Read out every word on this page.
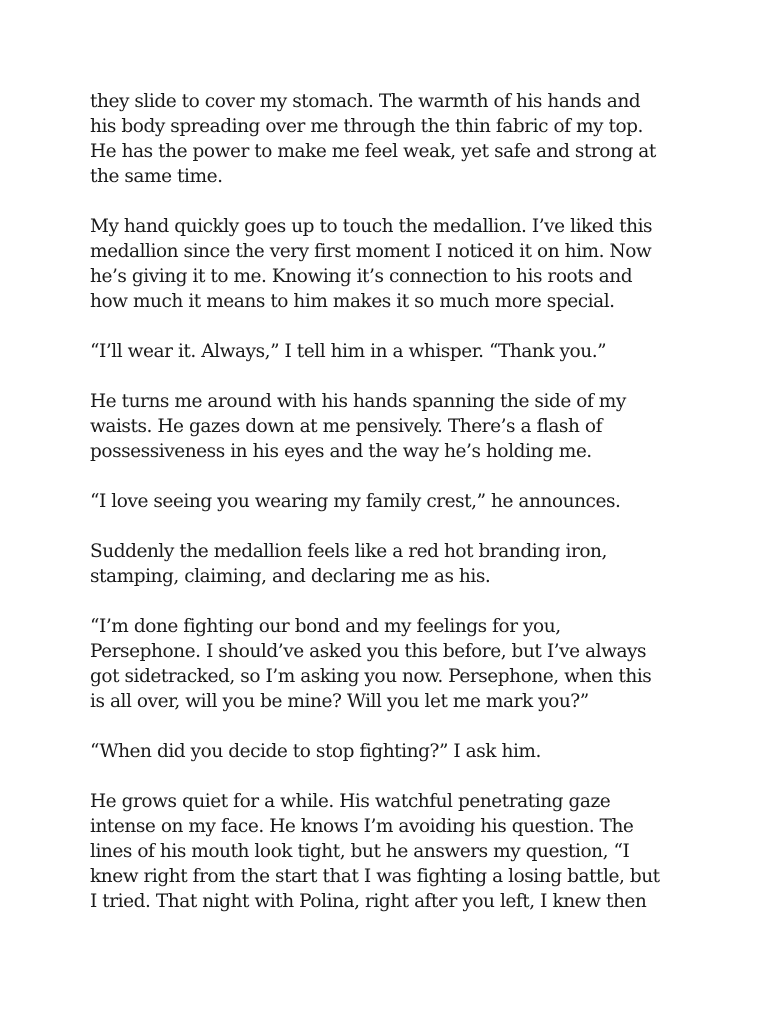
they slide to cover my stomach. The warmth of his hands and
his body spreading over me through the thin fabric of my top.
He has the power to make me feel weak, yet safe and strong at
the same time.

My hand quickly goes up to touch the medallion. I’ve liked this
medallion since the very first moment I noticed it on him. Now
he’s giving it to me. Knowing it’s connection to his roots and
how much it means to him makes it so much more special.

“I’ll wear it. Always,” I tell him in a whisper. “Thank you.”

He turns me around with his hands spanning the side of my
waists. He gazes down at me pensively. There’s a flash of
possessiveness in his eyes and the way he’s holding me.

“I love seeing you wearing my family crest,” he announces.

Suddenly the medallion feels like a red hot branding iron,
stamping, claiming, and declaring me as his.

“I’m done fighting our bond and my feelings for you,
Persephone. I should’ve asked you this before, but I’ve always
got sidetracked, so I’m asking you now. Persephone, when this
is all over, will you be mine? Will you let me mark you?”

“When did you decide to stop fighting?” I ask him.

He grows quiet for a while. His watchful penetrating gaze
intense on my face. He knows I’m avoiding his question. The
lines of his mouth look tight, but he answers my question, “I
knew right from the start that I was fighting a losing battle, but
I tried. That night with Polina, right after you left, I knew then
